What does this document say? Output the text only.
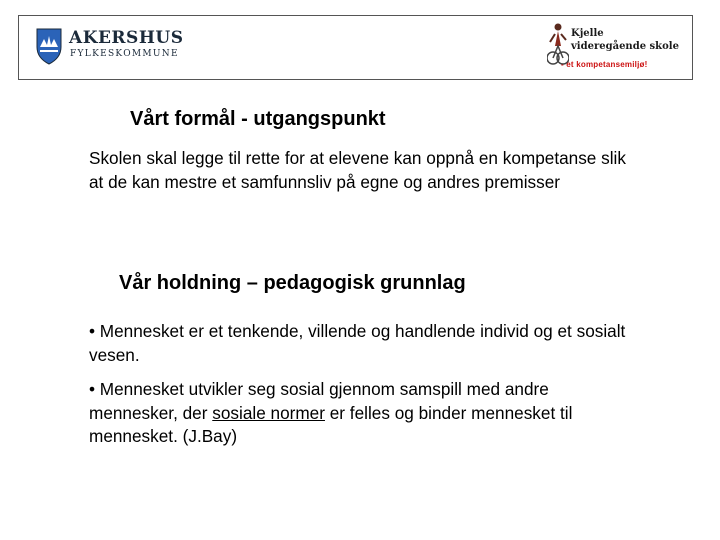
AKERSHUS
FYLKESKOMMUNE
Kjelle
videregående skole
- et kompetansemiljø!
Vårt formål - utgangspunkt
Skolen skal legge til rette for at elevene kan oppnå en kompetanse slik at de kan mestre et samfunnsliv på egne og andres premisser
Vår holdning – pedagogisk grunnlag
• Mennesket er et tenkende, villende og handlende individ og et sosialt vesen.
• Mennesket utvikler seg sosial gjennom samspill med andre mennesker, der sosiale normer er felles og binder mennesket til mennesket. (J.Bay)
